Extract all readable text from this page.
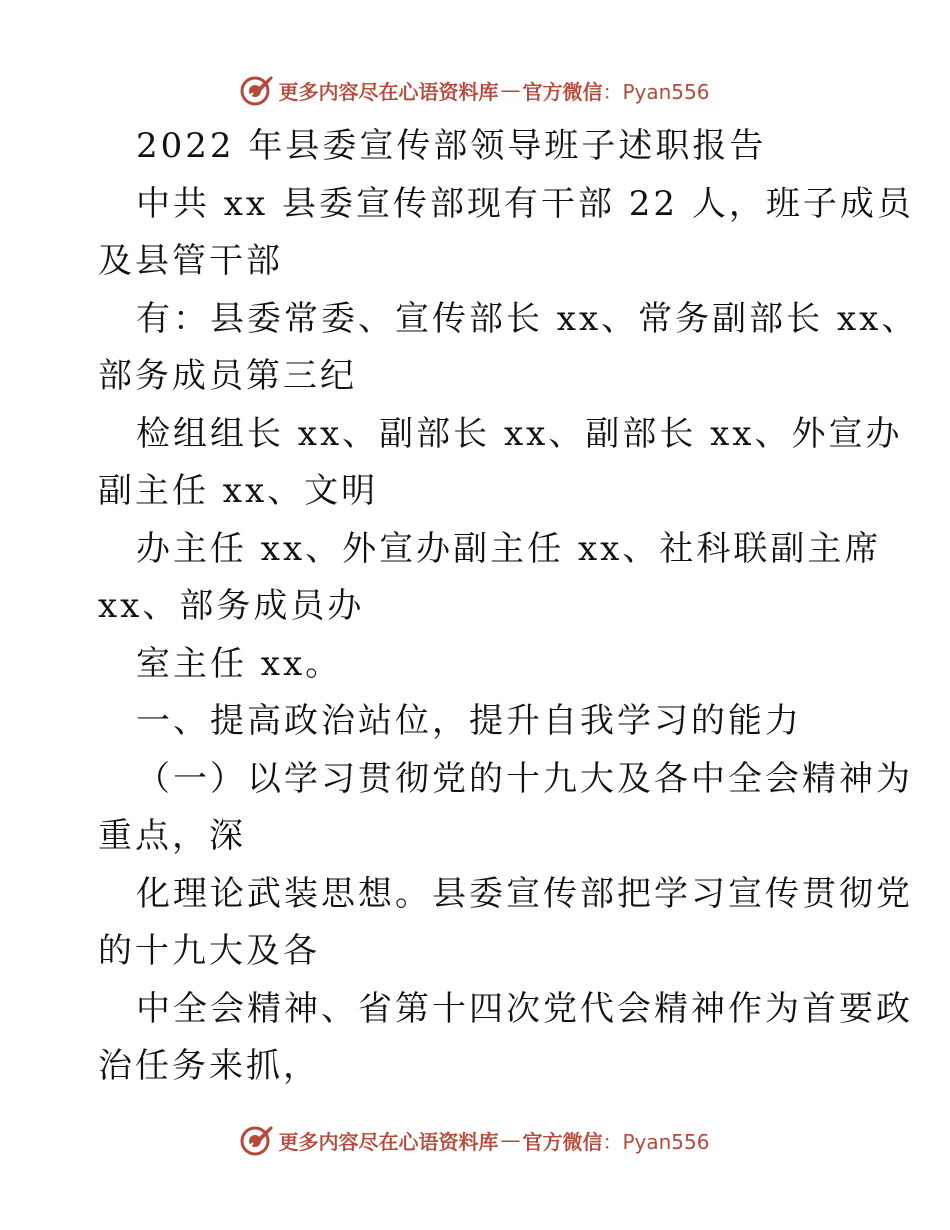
更多内容尽在心语资料库 — 官方微信 ：Pyan556
2022 年县委宣传部领导班子述职报告
中共 xx 县委宣传部现有干部 22 人，班子成员
及县管干部
有：县委常委、宣传部长 xx、常务副部长 xx、
部务成员第三纪
检组组长 xx、副部长 xx、副部长 xx、外宣办
副主任 xx、文明
办主任 xx、外宣办副主任 xx、社科联副主席
xx、部务成员办
室主任 xx。
一、提高政治站位，提升自我学习的能力
（一）以学习贯彻党的十九大及各中全会精神为
重点，深
化理论武装思想。县委宣传部把学习宣传贯彻党
的十九大及各
中全会精神、省第十四次党代会精神作为首要政
治任务来抓，
更多内容尽在心语资料库 — 官方微信 ：Pyan556
